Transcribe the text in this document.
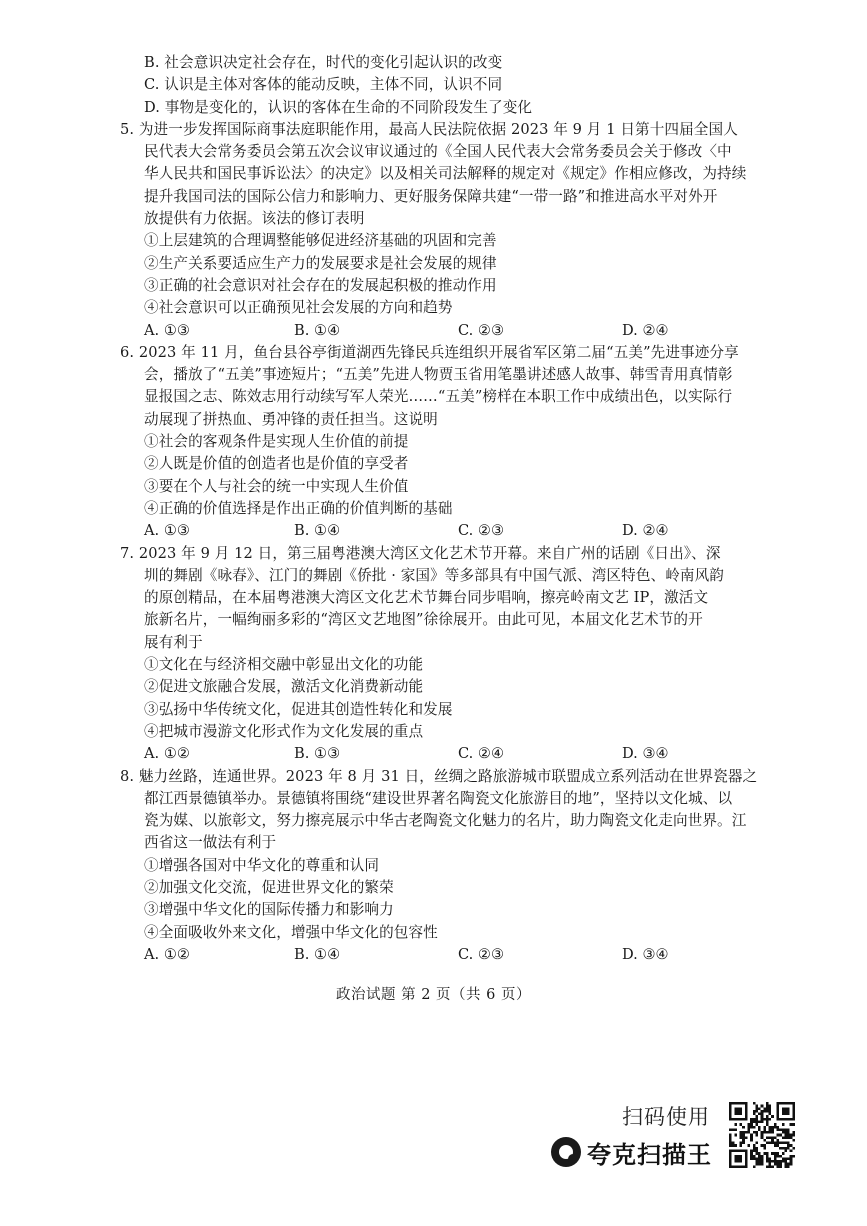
B. 社会意识决定社会存在，时代的变化引起认识的改变
C. 认识是主体对客体的能动反映，主体不同，认识不同
D. 事物是变化的，认识的客体在生命的不同阶段发生了变化
5. 为进一步发挥国际商事法庭职能作用，最高人民法院依据 2023 年 9 月 1 日第十四届全国人
民代表大会常务委员会第五次会议审议通过的《全国人民代表大会常务委员会关于修改〈中
华人民共和国民事诉讼法〉的决定》以及相关司法解释的规定对《规定》作相应修改，为持续
提升我国司法的国际公信力和影响力、更好服务保障共建“一带一路”和推进高水平对外开
放提供有力依据。该法的修订表明
①上层建筑的合理调整能够促进经济基础的巩固和完善
②生产关系要适应生产力的发展要求是社会发展的规律
③正确的社会意识对社会存在的发展起积极的推动作用
④社会意识可以正确预见社会发展的方向和趋势
A. ①③	B. ①④	C. ②③	D. ②④
6. 2023 年 11 月，鱼台县谷亭街道湖西先锋民兵连组织开展省军区第二届“五美”先进事迹分享
会，播放了“五美”事迹短片；“五美”先进人物贾玉省用笔墨讲述感人故事、韩雪青用真情彰
显报国之志、陈效志用行动续写军人荣光……“五美”榜样在本职工作中成绩出色，以实际行
动展现了拼热血、勇冲锋的责任担当。这说明
①社会的客观条件是实现人生价值的前提
②人既是价值的创造者也是价值的享受者
③要在个人与社会的统一中实现人生价值
④正确的价值选择是作出正确的价值判断的基础
A. ①③	B. ①④	C. ②③	D. ②④
7. 2023 年 9 月 12 日，第三届粤港澳大湾区文化艺术节开幕。来自广州的话剧《日出》、深
圳的舞剧《咏春》、江门的舞剧《侨批 · 家国》等多部具有中国气派、湾区特色、岭南风韵
的原创精品，在本届粤港澳大湾区文化艺术节舞台同步唱响，擦亮岭南文艺 IP，激活文
旅新名片，一幅绚丽多彩的“湾区文艺地图”徐徐展开。由此可见，本届文化艺术节的开
展有利于
①文化在与经济相交融中彰显出文化的功能
②促进文旅融合发展，激活文化消费新动能
③弘扬中华传统文化，促进其创造性转化和发展
④把城市漫游文化形式作为文化发展的重点
A. ①②	B. ①③	C. ②④	D. ③④
8. 魅力丝路，连通世界。2023 年 8 月 31 日，丝绸之路旅游城市联盟成立系列活动在世界瓷器之
都江西景德镇举办。景德镇将围绕“建设世界著名陶瓷文化旅游目的地”，坚持以文化城、以
瓷为媒、以旅彰文，努力擦亮展示中华古老陶瓷文化魅力的名片，助力陶瓷文化走向世界。江
西省这一做法有利于
①增强各国对中华文化的尊重和认同
②加强文化交流，促进世界文化的繁荣
③增强中华文化的国际传播力和影响力
④全面吸收外来文化，增强中华文化的包容性
A. ①②	B. ①④	C. ②③	D. ③④
政治试题 第 2 页（共 6 页）
扫码使用
夸克扫描王
